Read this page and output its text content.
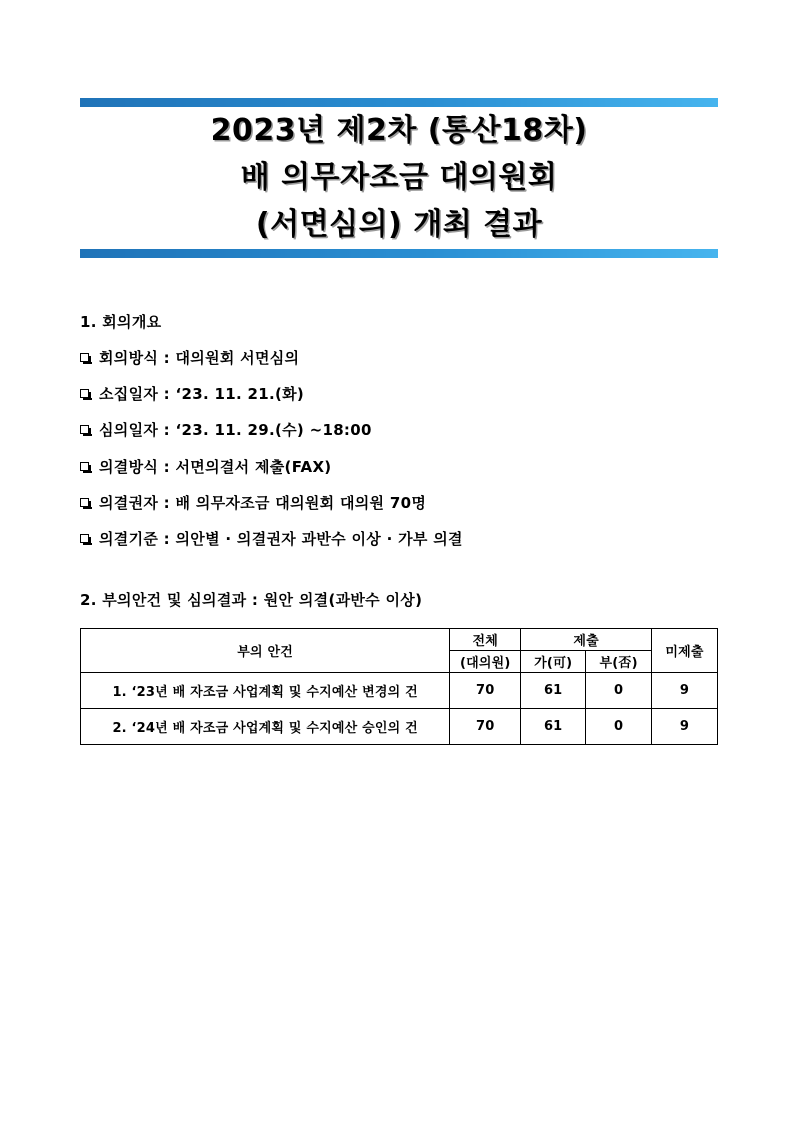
2023년 제2차 (통산18차)
배 의무자조금 대의원회
(서면심의) 개최 결과
1. 회의개요
회의방식 : 대의원회 서면심의
소집일자 : ‘23. 11. 21.(화)
심의일자 : ‘23. 11. 29.(수) ~18:00
의결방식 : 서면의결서 제출(FAX)
의결권자 : 배 의무자조금 대의원회 대의원 70명
의결기준 : 의안별 · 의결권자 과반수 이상 · 가부 의결
2. 부의안건 및 심의결과 : 원안 의결(과반수 이상)
부의 안건	전체	제출		미제출
	(대의원)	가(可)	부(否)	
1. ‘23년 배 자조금 사업계획 및 수지예산 변경의 건	70	61	0	9
2. ‘24년 배 자조금 사업계획 및 수지예산 승인의 건	70	61	0	9
